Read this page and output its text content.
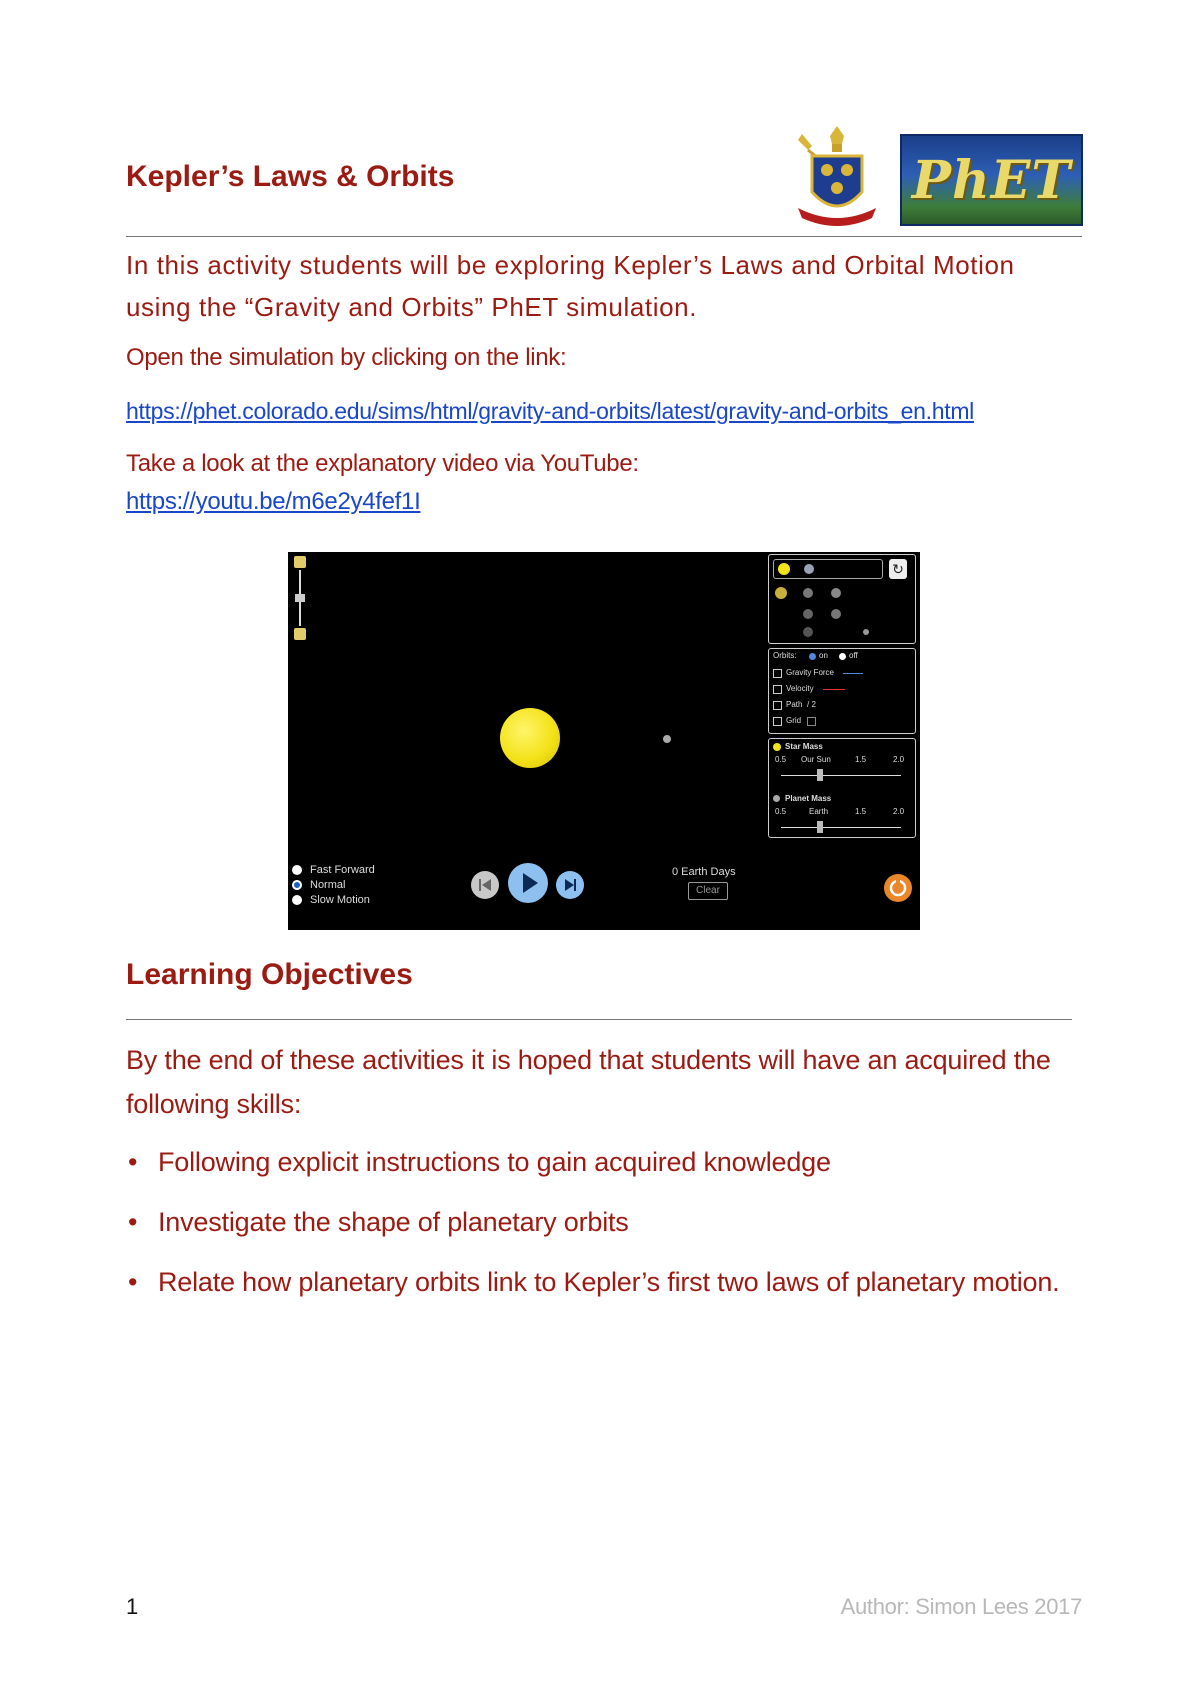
Kepler’s Laws & Orbits	PhET

In this activity students will be exploring Kepler’s Laws and Orbital Motion using the “Gravity and Orbits” PhET simulation.

Open the simulation by clicking on the link:

https://phet.colorado.edu/sims/html/gravity-and-orbits/latest/gravity-and-orbits_en.html

Take a look at the explanatory video via YouTube:

https://youtu.be/m6e2y4fef1I
↻
Orbits:	on	off
Gravity Force
Velocity
Path / 2
Grid
Star Mass
0.5 Our Sun	1.5	2.0
Planet Mass
0.5	Earth	1.5	2.0
Fast Forward
Normal
Slow Motion
0 Earth Days
Clear
Learning Objectives

By the end of these activities it is hoped that students will have an acquired the following skills:

• Following explicit instructions to gain acquired knowledge
• Investigate the shape of planetary orbits
• Relate how planetary orbits link to Kepler’s first two laws of planetary motion.

1	Author: Simon Lees 2017
